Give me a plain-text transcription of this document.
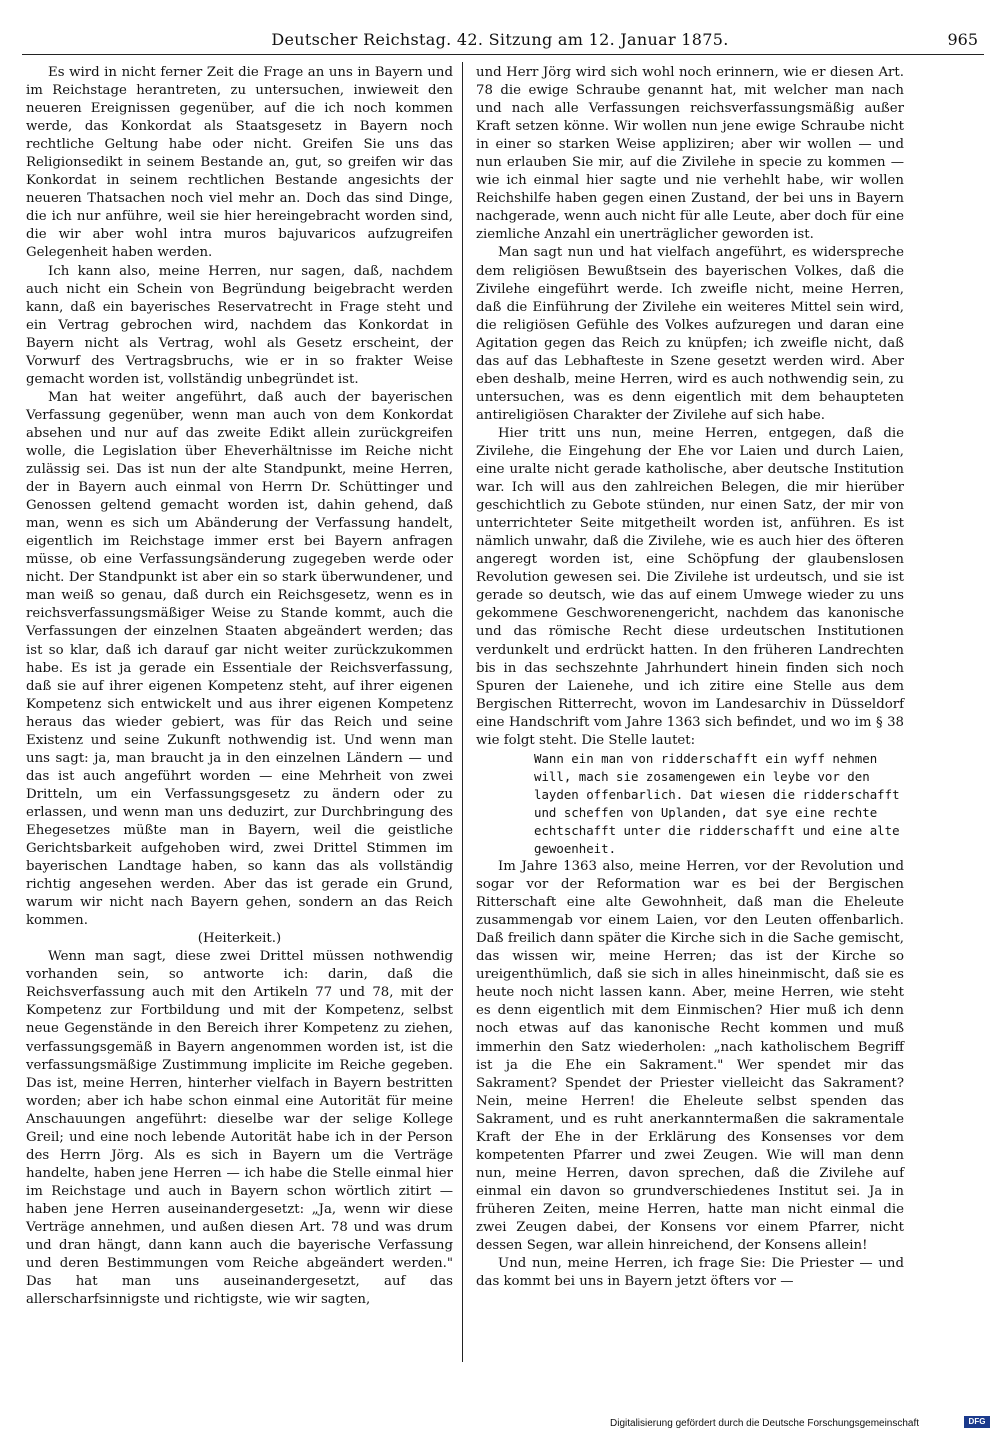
Deutscher Reichstag. 42. Sitzung am 12. Januar 1875.	965

Es wird in nicht ferner Zeit die Frage an uns in Bayern und im Reichstage herantreten, zu untersuchen, inwieweit den neueren Ereignissen gegenüber, auf die ich noch kommen werde, das Konkordat als Staatsgesetz in Bayern noch rechtliche Geltung habe oder nicht. Greifen Sie uns das Religionsedikt in seinem Bestande an, gut, so greifen wir das Konkordat in seinem rechtlichen Bestande angesichts der neueren Thatsachen noch viel mehr an. Doch das sind Dinge, die ich nur anführe, weil sie hier hereingebracht worden sind, die wir aber wohl intra muros bajuvaricos aufzugreifen Gelegenheit haben werden.

Ich kann also, meine Herren, nur sagen, daß, nachdem auch nicht ein Schein von Begründung beigebracht werden kann, daß ein bayerisches Reservatrecht in Frage steht und ein Vertrag gebrochen wird, nachdem das Konkordat in Bayern nicht als Vertrag, wohl als Gesetz erscheint, der Vorwurf des Vertragsbruchs, wie er in so frakter Weise gemacht worden ist, vollständig unbegründet ist.

Man hat weiter angeführt, daß auch der bayerischen Verfassung gegenüber, wenn man auch von dem Konkordat absehen und nur auf das zweite Edikt allein zurückgreifen wolle, die Legislation über Eheverhältnisse im Reiche nicht zulässig sei. Das ist nun der alte Standpunkt, meine Herren, der in Bayern auch einmal von Herrn Dr. Schüttinger und Genossen geltend gemacht worden ist, dahin gehend, daß man, wenn es sich um Abänderung der Verfassung handelt, eigentlich im Reichstage immer erst bei Bayern anfragen müsse, ob eine Verfassungsänderung zugegeben werde oder nicht. Der Standpunkt ist aber ein so stark überwundener, und man weiß so genau, daß durch ein Reichsgesetz, wenn es in reichsverfassungsmäßiger Weise zu Stande kommt, auch die Verfassungen der einzelnen Staaten abgeändert werden; das ist so klar, daß ich darauf gar nicht weiter zurückzukommen habe. Es ist ja gerade ein Essentiale der Reichsverfassung, daß sie auf ihrer eigenen Kompetenz steht, auf ihrer eigenen Kompetenz sich entwickelt und aus ihrer eigenen Kompetenz heraus das wieder gebiert, was für das Reich und seine Existenz und seine Zukunft nothwendig ist. Und wenn man uns sagt: ja, man braucht ja in den einzelnen Ländern — und das ist auch angeführt worden — eine Mehrheit von zwei Dritteln, um ein Verfassungsgesetz zu ändern oder zu erlassen, und wenn man uns deduzirt, zur Durchbringung des Ehegesetzes müßte man in Bayern, weil die geistliche Gerichtsbarkeit aufgehoben wird, zwei Drittel Stimmen im bayerischen Landtage haben, so kann das als vollständig richtig angesehen werden. Aber das ist gerade ein Grund, warum wir nicht nach Bayern gehen, sondern an das Reich kommen.

(Heiterkeit.)

Wenn man sagt, diese zwei Drittel müssen nothwendig vorhanden sein, so antworte ich: darin, daß die Reichsverfassung auch mit den Artikeln 77 und 78, mit der Kompetenz zur Fortbildung und mit der Kompetenz, selbst neue Gegenstände in den Bereich ihrer Kompetenz zu ziehen, verfassungsgemäß in Bayern angenommen worden ist, ist die verfassungsmäßige Zustimmung implicite im Reiche gegeben. Das ist, meine Herren, hinterher vielfach in Bayern bestritten worden; aber ich habe schon einmal eine Autorität für meine Anschauungen angeführt: dieselbe war der selige Kollege Greil; und eine noch lebende Autorität habe ich in der Person des Herrn Jörg. Als es sich in Bayern um die Verträge handelte, haben jene Herren — ich habe die Stelle einmal hier im Reichstage und auch in Bayern schon wörtlich zitirt — haben jene Herren auseinandergesetzt: „Ja, wenn wir diese Verträge annehmen, und außen diesen Art. 78 und was drum und dran hängt, dann kann auch die bayerische Verfassung und deren Bestimmungen vom Reiche abgeändert werden." Das hat man uns auseinandergesetzt, auf das allerscharfsinnigste und richtigste, wie wir sagten,

und Herr Jörg wird sich wohl noch erinnern, wie er diesen Art. 78 die ewige Schraube genannt hat, mit welcher man nach und nach alle Verfassungen reichsverfassungsmäßig außer Kraft setzen könne. Wir wollen nun jene ewige Schraube nicht in einer so starken Weise appliziren; aber wir wollen — und nun erlauben Sie mir, auf die Zivilehe in specie zu kommen — wie ich einmal hier sagte und nie verhehlt habe, wir wollen Reichshilfe haben gegen einen Zustand, der bei uns in Bayern nachgerade, wenn auch nicht für alle Leute, aber doch für eine ziemliche Anzahl ein unerträglicher geworden ist.

Man sagt nun und hat vielfach angeführt, es widerspreche dem religiösen Bewußtsein des bayerischen Volkes, daß die Zivilehe eingeführt werde. Ich zweifle nicht, meine Herren, daß die Einführung der Zivilehe ein weiteres Mittel sein wird, die religiösen Gefühle des Volkes aufzuregen und daran eine Agitation gegen das Reich zu knüpfen; ich zweifle nicht, daß das auf das Lebhafteste in Szene gesetzt werden wird. Aber eben deshalb, meine Herren, wird es auch nothwendig sein, zu untersuchen, was es denn eigentlich mit dem behaupteten antireligiösen Charakter der Zivilehe auf sich habe.

Hier tritt uns nun, meine Herren, entgegen, daß die Zivilehe, die Eingehung der Ehe vor Laien und durch Laien, eine uralte nicht gerade katholische, aber deutsche Institution war. Ich will aus den zahlreichen Belegen, die mir hierüber geschichtlich zu Gebote stünden, nur einen Satz, der mir von unterrichteter Seite mitgetheilt worden ist, anführen. Es ist nämlich unwahr, daß die Zivilehe, wie es auch hier des öfteren angeregt worden ist, eine Schöpfung der glaubenslosen Revolution gewesen sei. Die Zivilehe ist urdeutsch, und sie ist gerade so deutsch, wie das auf einem Umwege wieder zu uns gekommene Geschworenengericht, nachdem das kanonische und das römische Recht diese urdeutschen Institutionen verdunkelt und erdrückt hatten. In den früheren Landrechten bis in das sechszehnte Jahrhundert hinein finden sich noch Spuren der Laienehe, und ich zitire eine Stelle aus dem Bergischen Ritterrecht, wovon im Landesarchiv in Düsseldorf eine Handschrift vom Jahre 1363 sich befindet, und wo im § 38 wie folgt steht. Die Stelle lautet:

Wann ein man von ridderschafft ein wyff nehmen will, mach sie zosamengewen ein leybe vor den layden offenbarlich. Dat wiesen die ridderschafft und scheffen von Uplanden, dat sye eine rechte echtschafft unter die ridderschafft und eine alte gewoenheit.

Im Jahre 1363 also, meine Herren, vor der Revolution und sogar vor der Reformation war es bei der Bergischen Ritterschaft eine alte Gewohnheit, daß man die Eheleute zusammengab vor einem Laien, vor den Leuten offenbarlich. Daß freilich dann später die Kirche sich in die Sache gemischt, das wissen wir, meine Herren; das ist der Kirche so ureigenthümlich, daß sie sich in alles hineinmischt, daß sie es heute noch nicht lassen kann. Aber, meine Herren, wie steht es denn eigentlich mit dem Einmischen? Hier muß ich denn noch etwas auf das kanonische Recht kommen und muß immerhin den Satz wiederholen: „nach katholischem Begriff ist ja die Ehe ein Sakrament." Wer spendet mir das Sakrament? Spendet der Priester vielleicht das Sakrament? Nein, meine Herren! die Eheleute selbst spenden das Sakrament, und es ruht anerkanntermaßen die sakramentale Kraft der Ehe in der Erklärung des Konsenses vor dem kompetenten Pfarrer und zwei Zeugen. Wie will man denn nun, meine Herren, davon sprechen, daß die Zivilehe auf einmal ein davon so grundverschiedenes Institut sei. Ja in früheren Zeiten, meine Herren, hatte man nicht einmal die zwei Zeugen dabei, der Konsens vor einem Pfarrer, nicht dessen Segen, war allein hinreichend, der Konsens allein!

Und nun, meine Herren, ich frage Sie: Die Priester — und das kommt bei uns in Bayern jetzt öfters vor —

Digitalisierung gefördert durch die Deutsche Forschungsgemeinschaft	DFG
